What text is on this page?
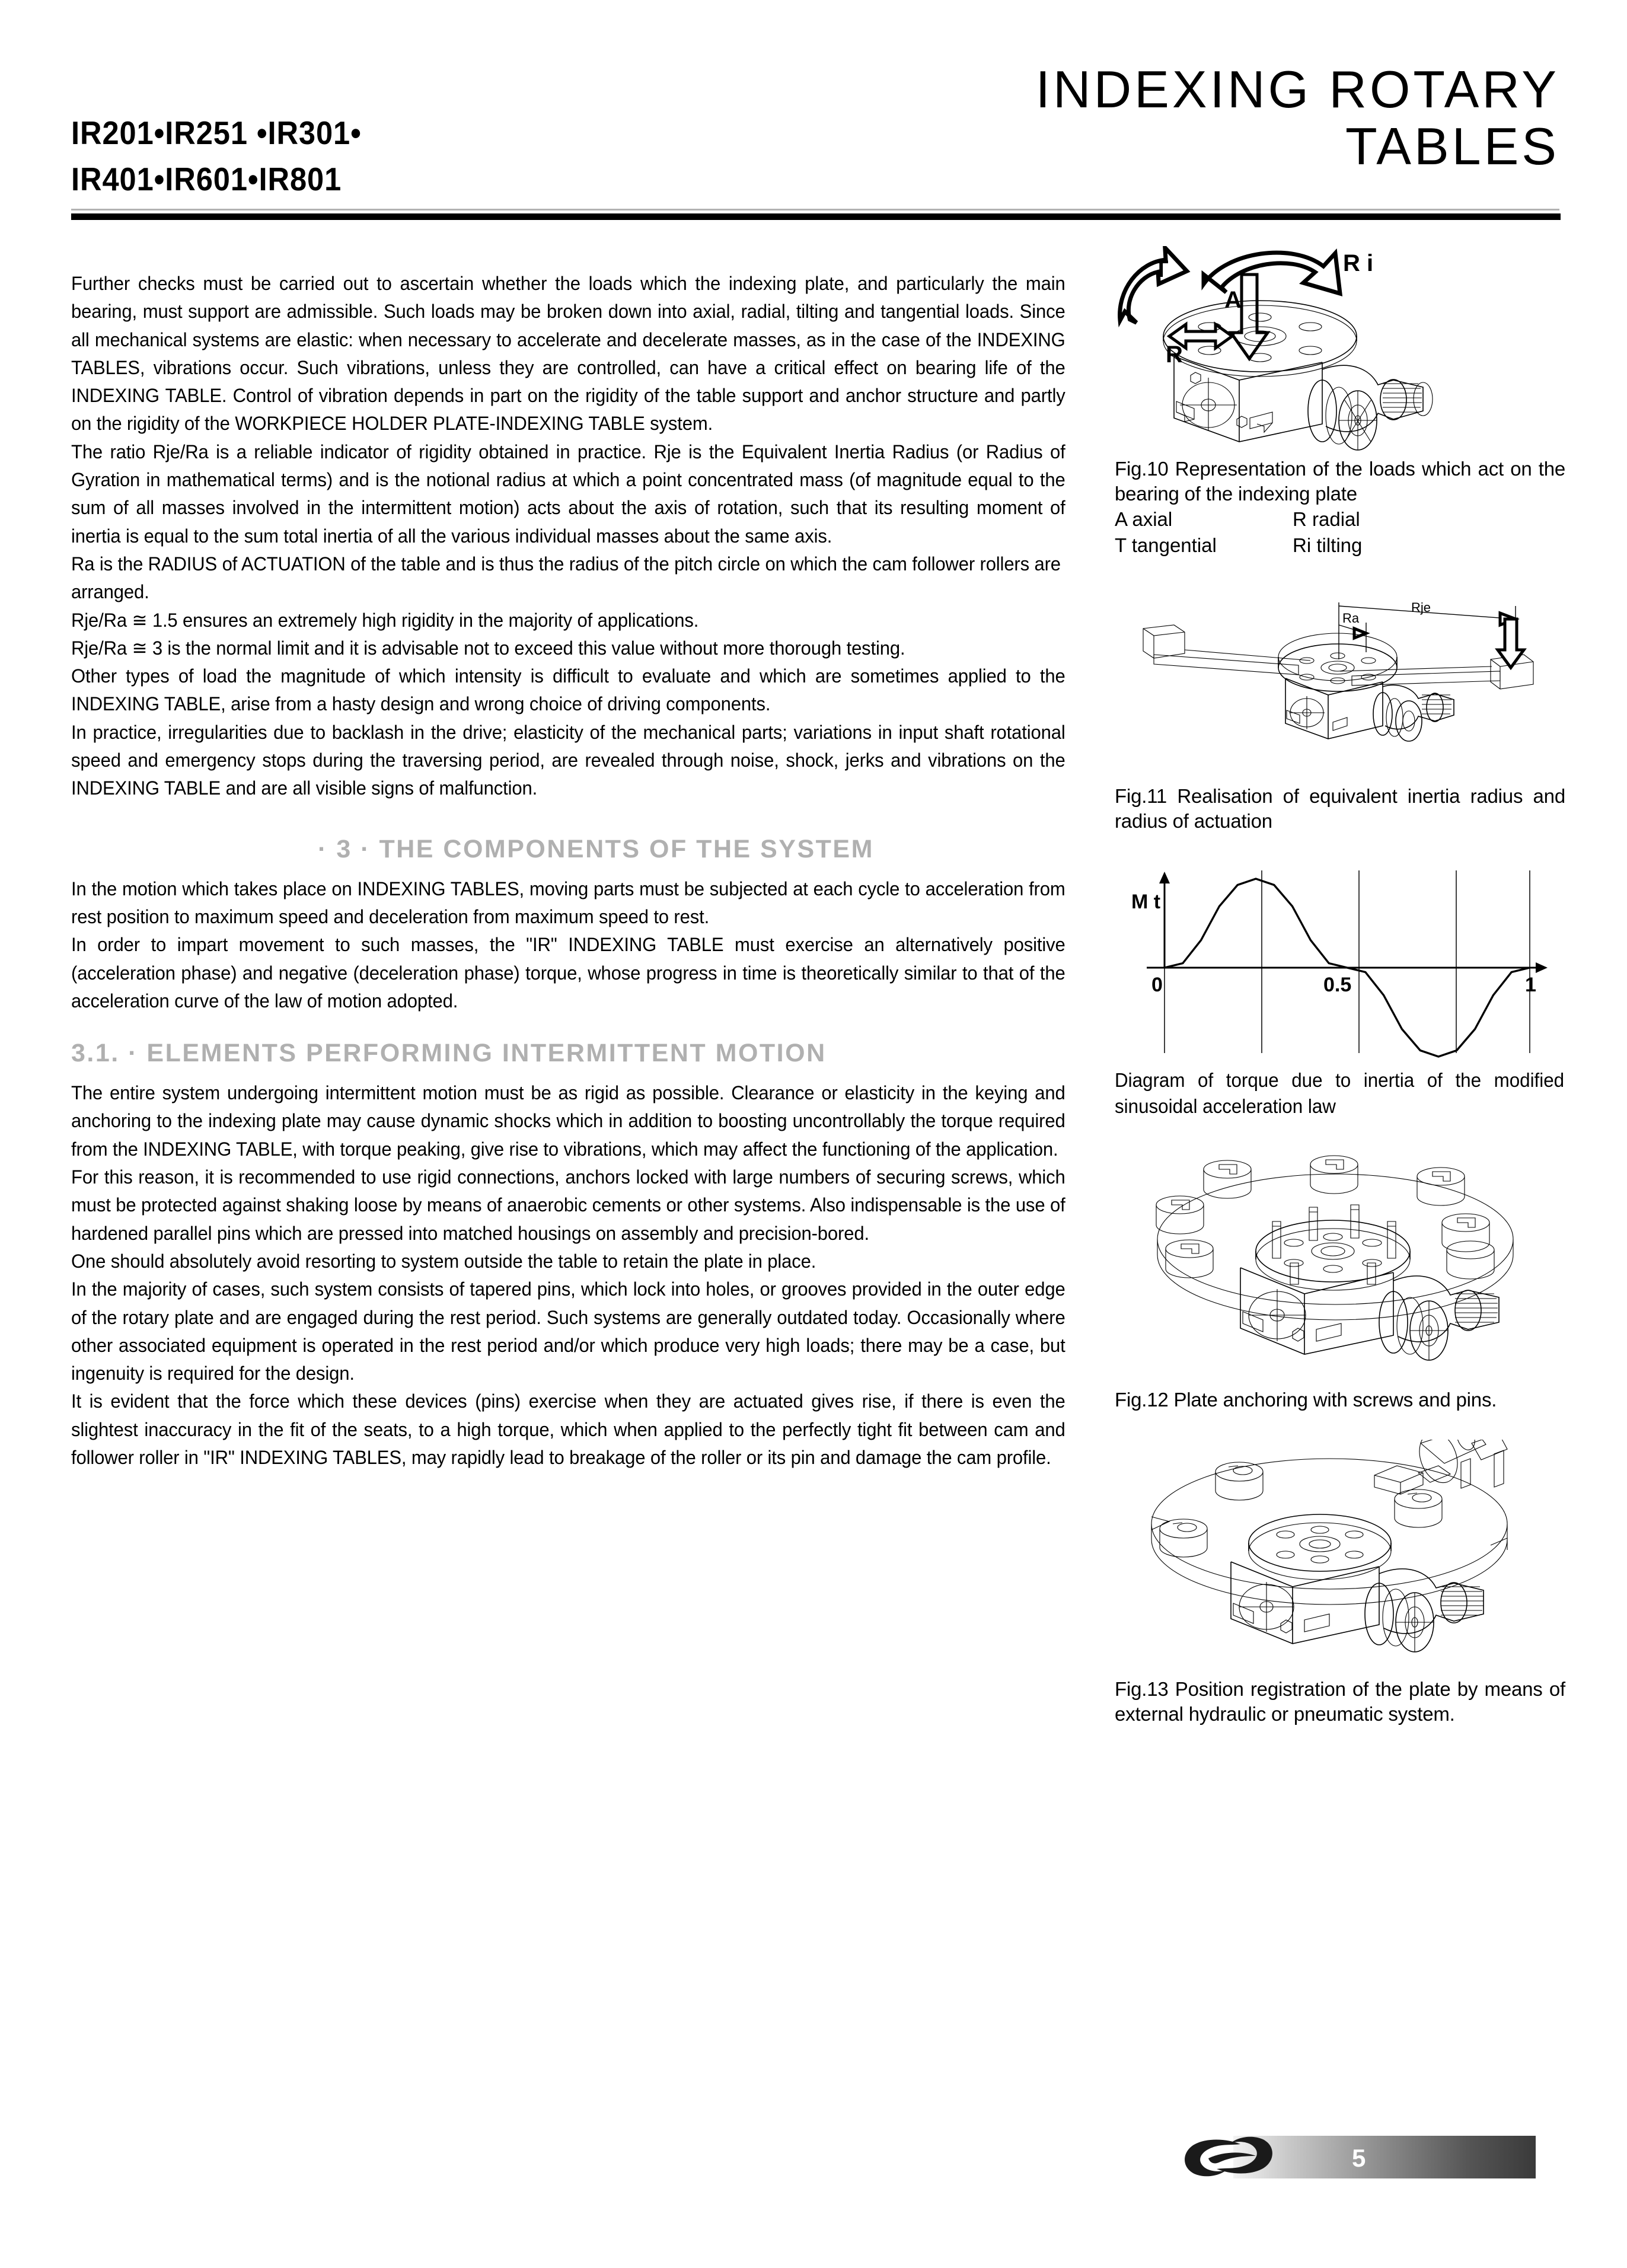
IR201•IR251 •IR301•
IR401•IR601•IR801
INDEXING ROTARY
TABLES

Further checks must be carried out to ascertain whether the loads which the indexing plate, and particularly the main bearing, must support are admissible. Such loads may be broken down into axial, radial, tilting and tangential loads. Since all mechanical systems are elastic: when necessary to accelerate and decelerate masses, as in the case of the INDEXING TABLES, vibrations occur. Such vibrations, unless they are controlled, can have a critical effect on bearing life of the INDEXING TABLE. Control of vibration depends in part on the rigidity of the table support and anchor structure and partly on the rigidity of the WORKPIECE HOLDER PLATE-INDEXING TABLE system.

The ratio Rje/Ra is a reliable indicator of rigidity obtained in practice. Rje is the Equivalent Inertia Radius (or Radius of Gyration in mathematical terms) and is the notional radius at which a point concentrated mass (of magnitude equal to the sum of all masses involved in the intermittent motion) acts about the axis of rotation, such that its resulting moment of inertia is equal to the sum total inertia of all the various individual masses about the same axis.

Ra is the RADIUS of ACTUATION of the table and is thus the radius of the pitch circle on which the cam follower rollers are arranged.

Rje/Ra ≅ 1.5 ensures an extremely high rigidity in the majority of applications.

Rje/Ra ≅ 3 is the normal limit and it is advisable not to exceed this value without more thorough testing.

Other types of load the magnitude of which intensity is difficult to evaluate and which are sometimes applied to the INDEXING TABLE, arise from a hasty design and wrong choice of driving components.

In practice, irregularities due to backlash in the drive; elasticity of the mechanical parts; variations in input shaft rotational speed and emergency stops during the traversing period, are revealed through noise, shock, jerks and vibrations on the INDEXING TABLE and are all visible signs of malfunction.

· 3 · THE COMPONENTS OF THE SYSTEM

In the motion which takes place on INDEXING TABLES, moving parts must be subjected at each cycle to acceleration from rest position to maximum speed and deceleration from maximum speed to rest.

In order to impart movement to such masses, the "IR" INDEXING TABLE must exercise an alternatively positive (acceleration phase) and negative (deceleration phase) torque, whose progress in time is theoretically similar to that of the acceleration curve of the law of motion adopted.

3.1. · ELEMENTS PERFORMING INTERMITTENT MOTION

The entire system undergoing intermittent motion must be as rigid as possible. Clearance or elasticity in the keying and anchoring to the indexing plate may cause dynamic shocks which in addition to boosting uncontrollably the torque required from the INDEXING TABLE, with torque peaking, give rise to vibrations, which may affect the functioning of the application.

For this reason, it is recommended to use rigid connections, anchors locked with large numbers of securing screws, which must be protected against shaking loose by means of anaerobic cements or other systems. Also indispensable is the use of hardened parallel pins which are pressed into matched housings on assembly and precision-bored.

One should absolutely avoid resorting to system outside the table to retain the plate in place.

In the majority of cases, such system consists of tapered pins, which lock into holes, or grooves provided in the outer edge of the rotary plate and are engaged during the rest period. Such systems are generally outdated today. Occasionally where other associated equipment is operated in the rest period and/or which produce very high loads; there may be a case, but ingenuity is required for the design.

It is evident that the force which these devices (pins) exercise when they are actuated gives rise, if there is even the slightest inaccuracy in the fit of the seats, to a high torque, which when applied to the perfectly tight fit between cam and follower roller in "IR" INDEXING TABLES, may rapidly lead to breakage of the roller or its pin and damage the cam profile.

T
R
A
R i

Fig.10 Representation of the loads which act on the bearing of the indexing plate

A axial	R radial
T tangential	Ri tilting
Rje
Ra

Fig.11 Realisation of equivalent inertia radius and radius of actuation

M t
0	0.5	1

Diagram of torque due to inertia of the modified sinusoidal acceleration law

Fig.12 Plate anchoring with screws and pins.

Fig.13 Position registration of the plate by means of external hydraulic or pneumatic system.

5
